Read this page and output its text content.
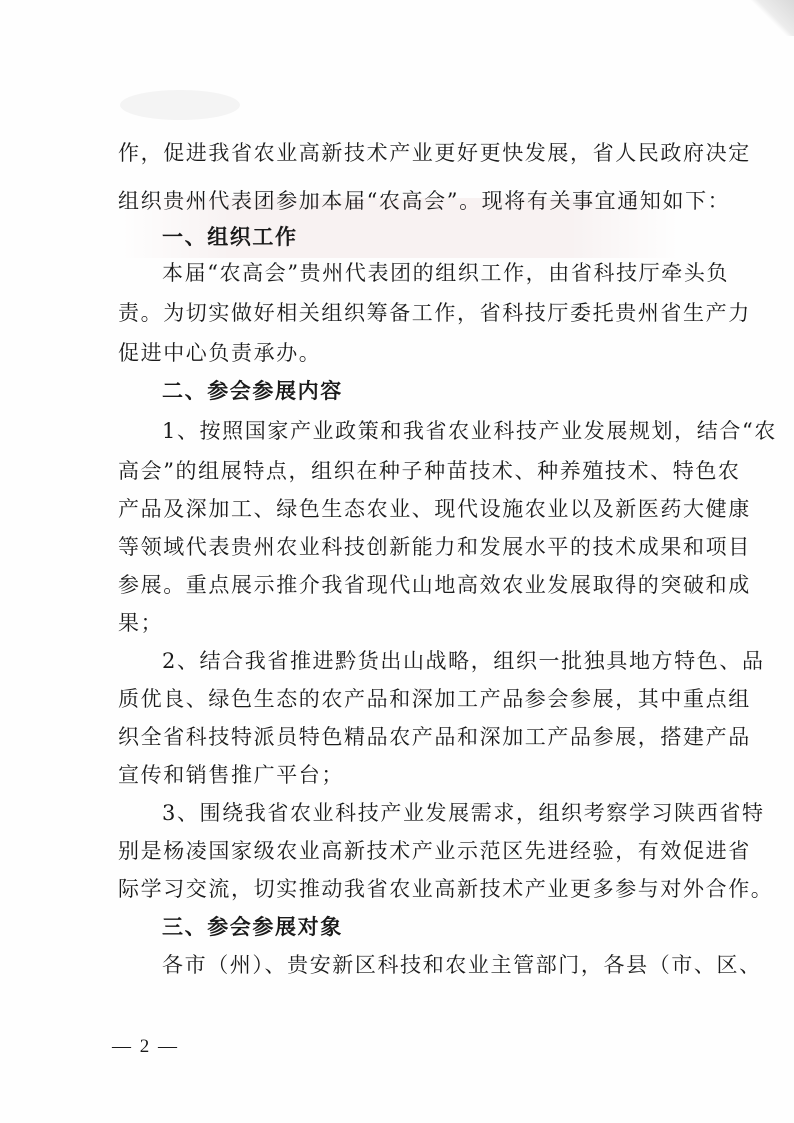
作，促进我省农业高新技术产业更好更快发展，省人民政府决定
组织贵州代表团参加本届“农高会”。现将有关事宜通知如下：
一、组织工作
本届“农高会”贵州代表团的组织工作，由省科技厅牵头负
责。为切实做好相关组织筹备工作，省科技厅委托贵州省生产力
促进中心负责承办。
二、参会参展内容
1、按照国家产业政策和我省农业科技产业发展规划，结合“农
高会”的组展特点，组织在种子种苗技术、种养殖技术、特色农
产品及深加工、绿色生态农业、现代设施农业以及新医药大健康
等领域代表贵州农业科技创新能力和发展水平的技术成果和项目
参展。重点展示推介我省现代山地高效农业发展取得的突破和成
果；
2、结合我省推进黔货出山战略，组织一批独具地方特色、品
质优良、绿色生态的农产品和深加工产品参会参展，其中重点组
织全省科技特派员特色精品农产品和深加工产品参展，搭建产品
宣传和销售推广平台；
3、围绕我省农业科技产业发展需求，组织考察学习陕西省特
别是杨凌国家级农业高新技术产业示范区先进经验，有效促进省
际学习交流，切实推动我省农业高新技术产业更多参与对外合作。
三、参会参展对象
各市（州）、贵安新区科技和农业主管部门，各县（市、区、
— 2 —
